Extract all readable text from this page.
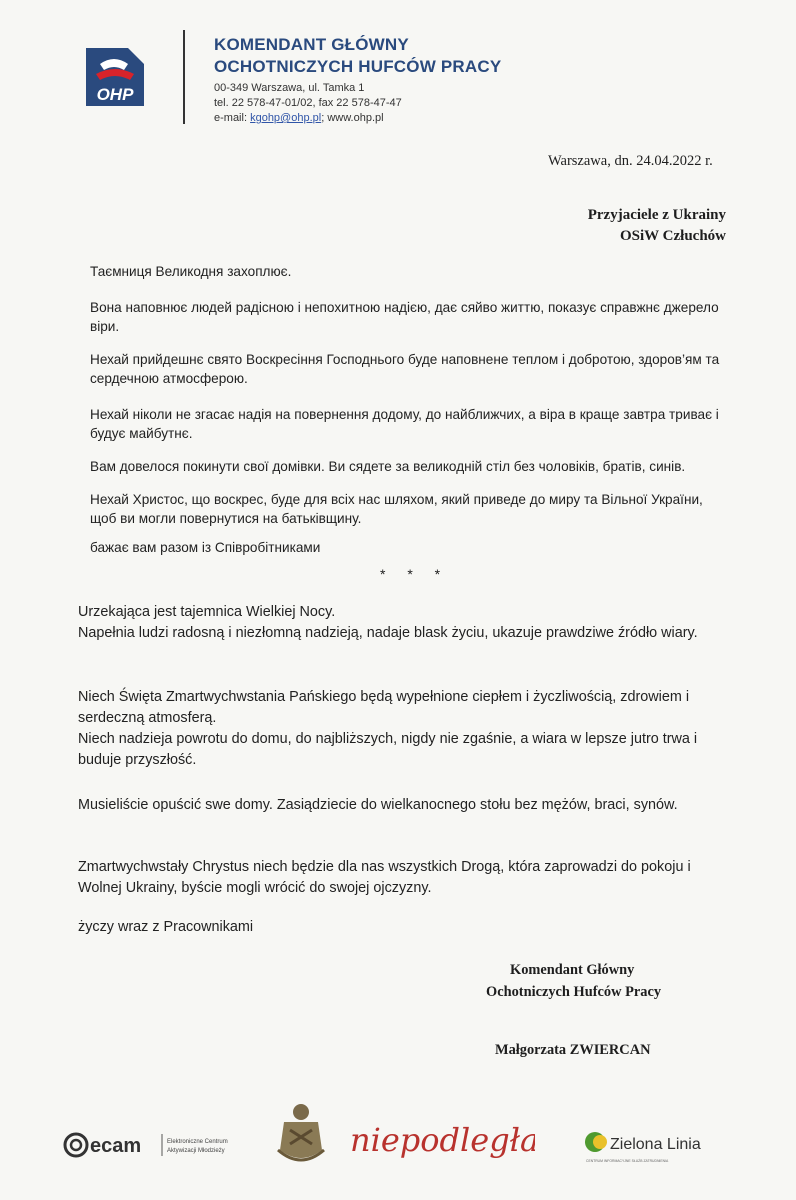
OHP
KOMENDANT GŁÓWNY
OCHOTNICZYCH HUFCÓW PRACY
00-349 Warszawa, ul. Tamka 1
tel. 22 578-47-01/02, fax 22 578-47-47
e-mail: kgohp@ohp.pl; www.ohp.pl
Warszawa, dn. 24.04.2022 r.
Przyjaciele z Ukrainy
OSiW Człuchów
Таємниця Великодня захоплює.
Вона наповнює людей радісною і непохитною надією, дає сяйво життю, показує справжнє джерело віри.
Нехай прийдешнє свято Воскресіння Господнього буде наповнене теплом і добротою, здоров’ям та сердечною атмосферою.
Нехай ніколи не згасає надія на повернення додому, до найближчих, а віра в краще завтра триває і будує майбутнє.
Вам довелося покинути свої домівки. Ви сядете за великодній стіл без чоловіків, братів, синів.
Нехай Христос, що воскрес, буде для всіх нас шляхом, який приведе до миру та Вільної України, щоб ви могли повернутися на батьківщину.
бажає вам разом із Співробітниками
* * *
Urzekająca jest tajemnica Wielkiej Nocy.
Napełnia ludzi radosną i niezłomną nadzieją, nadaje blask życiu, ukazuje prawdziwe źródło wiary.
Niech Święta Zmartwychwstania Pańskiego będą wypełnione ciepłem i życzliwością, zdrowiem i serdeczną atmosferą.
Niech nadzieja powrotu do domu, do najbliższych, nigdy nie zgaśnie, a wiara w lepsze jutro trwa i buduje przyszłość.
Musieliście opuścić swe domy. Zasiądziecie do wielkanocnego stołu bez mężów, braci, synów.
Zmartwychwstały Chrystus niech będzie dla nas wszystkich Drogą, która zaprowadzi do pokoju i Wolnej Ukrainy, byście mogli wrócić do swojej ojczyzny.
życzy wraz z Pracownikami
Komendant Główny
Ochotniczych Hufców Pracy
Małgorzata ZWIERCAN
ecam	Elektroniczne Centrum
Aktywizacji Młodzieży	niepodległa	Zielona Linia
CENTRUM INFORMACYJNE SŁUŻB ZATRUDNIENIA
